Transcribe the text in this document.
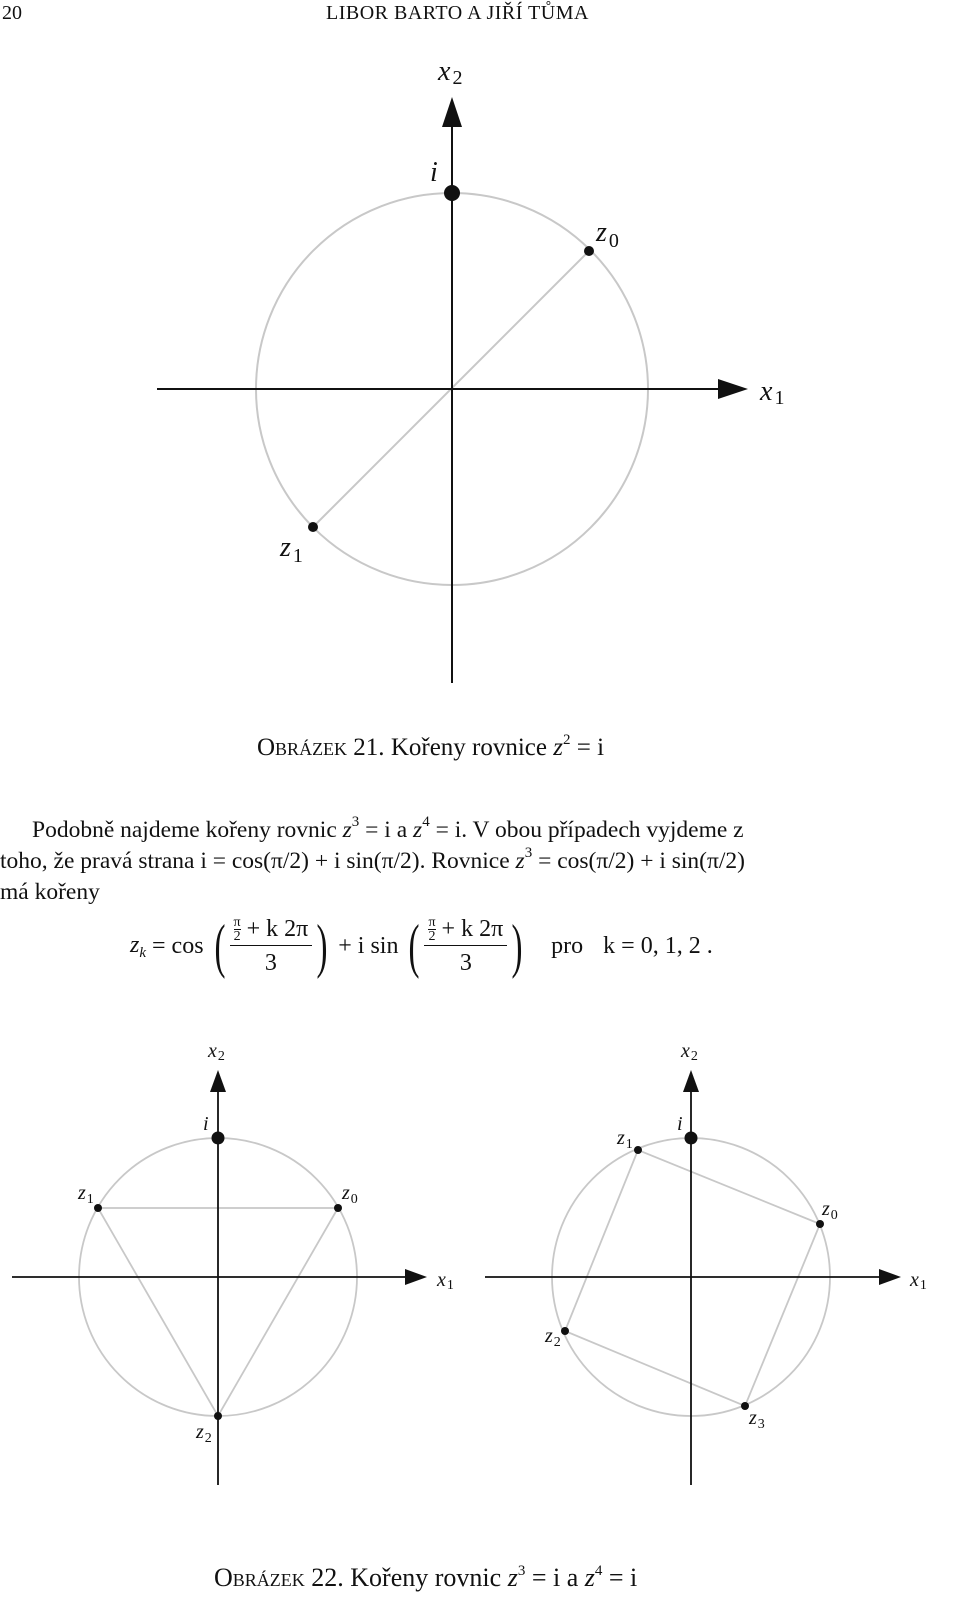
20	LIBOR BARTO A JIŘÍ TŮMA
x 2
i
z $_0$
x 1
z $_1$
Obrázek 21. Kořeny rovnice $z^2 = i$
Podobně najdeme kořeny rovnic $z^3 = i$ a $z^4 = i$. V obou případech vyjdeme z
toho, že pravá strana i = cos(π/2) + i sin(π/2). Rovnice $z^3 = \cos(\pi/2) + i$ sin(π/2)
má kořeny
$z_k = \cos$ ( $\frac{\frac{\pi}{2} + k 2\pi}{3}$ ) + i sin ( $\frac{\frac{\pi}{2} + k 2\pi}{3}$ ) pro k = 0, 1, 2 .
x2
i
$z_0$
$z_1$
$z_2$
x1
x2
i
$z_0$
$z_1$
$z_2$
$z_3$
x1
Obrázek 22. Kořeny rovnic $z^3 = i$ a $z^4 = i$
